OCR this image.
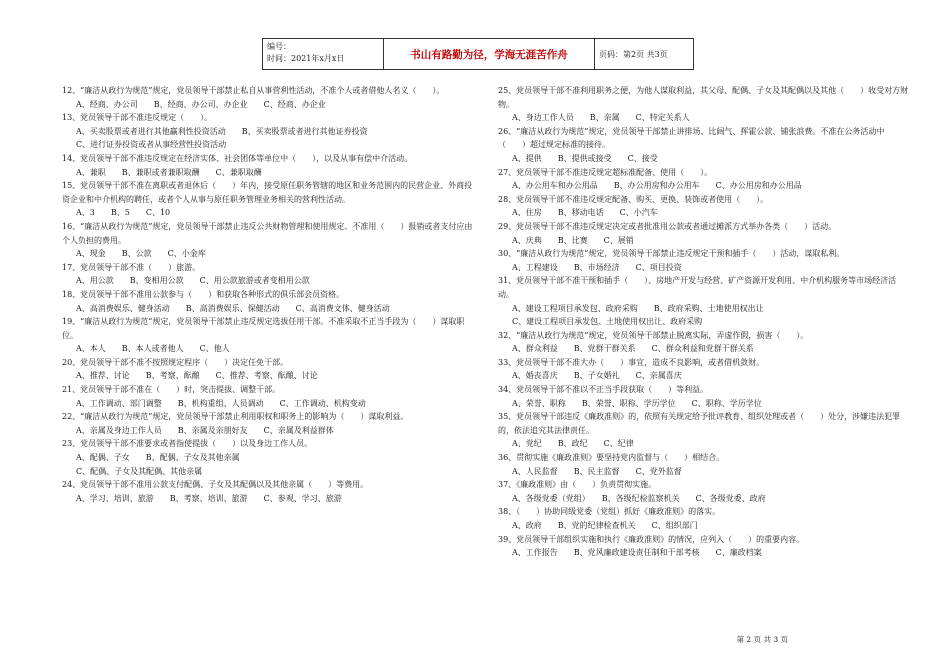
编号：
时间：2021年x月x日	书山有路勤为径，学海无涯苦作舟	页码：第2页 共3页
12、“廉洁从政行为规范”规定，党员领导干部禁止私自从事营利性活动，不准个人或者借他人名义（　　）。
A、经商、办公司　　B、经商、办公司、办企业　　C、经商、办企业
13、党员领导干部不准违反规定（　　）。
A、买卖股票或者进行其他赢利性投资活动　　B、买卖股票或者进行其他证券投资
C、进行证券投资或者从事经营性投资活动
14、党员领导干部不准违反规定在经济实体、社会团体等单位中（　　），以及从事有偿中介活动。
A、兼职　　B、兼职或者兼职取酬　　C、兼职取酬
15、党员领导干部不准在离职或者退休后（　　）年内，接受原任职务管辖的地区和业务范围内的民营企业、外商投资企业和中介机构的聘任，或者个人从事与原任职务管理业务相关的营利性活动。
A、3　　B、5　　C、10
16、“廉洁从政行为规范”规定，党员领导干部禁止违反公共财物管理和使用规定。不准用（　　）报销或者支付应由个人负担的费用。
A、现金　　B、公款　　C、小金库
17、党员领导干部不准（　　）旅游。
A、用公款　　B、变相用公款　　C、用公款旅游或者变相用公款
18、党员领导干部不准用公款参与（　　）和获取各种形式的俱乐部会员资格。
A、高消费娱乐、健身活动　　B、高消费娱乐、保健活动　　C、高消费文体、健身活动
19、“廉洁从政行为规范”规定，党员领导干部禁止违反规定选拔任用干部。不准采取不正当手段为（　　）谋取职位。
A、本人　　B、本人或者他人　　C、他人
20、党员领导干部不准不按照规定程序（　　）决定任免干部。
A、推荐、讨论　　B、考察、酝酿　　C、推荐、考察、酝酿、讨论
21、党员领导干部不准在（　　）时，突击提拔、调整干部。
A、工作调动、部门调整　　B、机构重组、人员调动　　C、工作调动、机构变动
22、“廉洁从政行为规范”规定，党员领导干部禁止利用职权和职务上的影响为（　　）谋取利益。
A、亲属及身边工作人员　　B、亲属及亲朋好友　　C、亲属及利益群体
23、党员领导干部不准要求或者指使提拔（　　）以及身边工作人员。
A、配偶、子女　　B、配偶、子女及其他亲属
C、配偶、子女及其配偶、其他亲属
24、党员领导干部不准用公款支付配偶、子女及其配偶以及其他亲属（　　）等费用。
A、学习、培训、旅游　　B、考察、培训、旅游　　C、参观、学习、旅游
25、党员领导干部不准利用职务之便，为他人谋取利益，其父母、配偶、子女及其配偶以及其他（　　）收受对方财物。
A、身边工作人员　　B、亲属　　C、特定关系人
26、“廉洁从政行为规范”规定，党员领导干部禁止讲排场、比阔气、挥霍公款、铺张浪费。不准在公务活动中（　　）超过规定标准的接待。
A、提供　　B、提供或接受　　C、接受
27、党员领导干部不准违反规定超标准配备、使用（　　）。
A、办公用车和办公用品　　B、办公用房和办公用车　　C、办公用房和办公用品
28、党员领导干部不准违反规定配备、购买、更换、装饰或者使用（　　）。
A、住房　　B、移动电话　　C、小汽车
29、党员领导干部不准违反规定决定或者批准用公款或者通过摊派方式举办各类（　　）活动。
A、庆典　　B、比赛　　C、展销
30、“廉洁从政行为规范”规定，党员领导干部禁止违反规定干预和插手（　　）活动，谋取私利。
A、工程建设　　B、市场经济　　C、项目投资
31、党员领导干部不准干预和插手（　　）、房地产开发与经营、矿产资源开发利用、中介机构服务等市场经济活动。
A、建设工程项目承发包、政府采购　　B、政府采购、土地使用权出让
C、建设工程项目承发包、土地使用权出让、政府采购
32、“廉洁从政行为规范”规定，党员领导干部禁止脱离实际，弄虚作假，损害（　　）。
A、群众利益　　B、党群干群关系　　C、群众利益和党群干群关系
33、党员领导干部不准大办（　　）事宜，造成不良影响，或者借机敛财。
A、婚丧喜庆　　B、子女婚礼　　C、亲属喜庆
34、党员领导干部不准以不正当手段获取（　　）等利益。
A、荣誉、职称　　B、荣誉、职称、学历学位　　C、职称、学历学位
35、党员领导干部违反《廉政准则》的，依照有关规定给予批评教育、组织处理或者（　　）处分，涉嫌违法犯罪的，依法追究其法律责任。
A、党纪　　B、政纪　　C、纪律
36、贯彻实施《廉政准则》要坚持党内监督与（　　）相结合。
A、人民监督　　B、民主监督　　C、党外监督
37、《廉政准则》由（　　）负责贯彻实施。
A、各级党委（党组）　　B、各级纪检监察机关　　C、各级党委、政府
38、（　　）协助同级党委（党组）抓好《廉政准则》的落实。
A、政府　　B、党的纪律检查机关　　C、组织部门
39、党员领导干部组织实施和执行《廉政准则》的情况，应列入（　　）的重要内容。
A、工作报告　　B、党风廉政建设责任制和干部考核　　C、廉政档案
第 2 页 共 3 页
